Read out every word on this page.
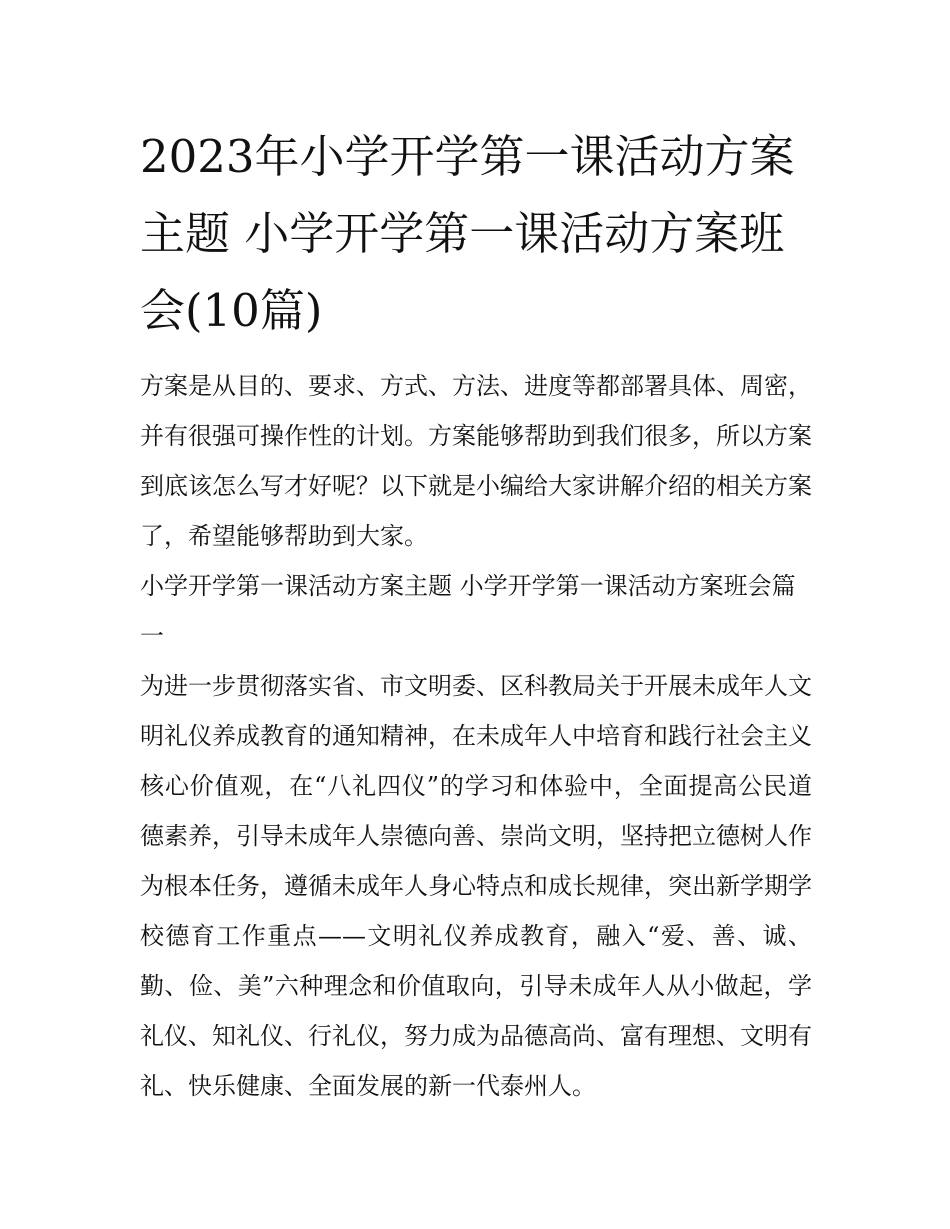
2023年小学开学第一课活动方案主题 小学开学第一课活动方案班会(10篇)

方案是从目的、要求、方式、方法、进度等都部署具体、周密，并有很强可操作性的计划。方案能够帮助到我们很多，所以方案到底该怎么写才好呢？以下就是小编给大家讲解介绍的相关方案了，希望能够帮助到大家。

小学开学第一课活动方案主题 小学开学第一课活动方案班会篇一

为进一步贯彻落实省、市文明委、区科教局关于开展未成年人文明礼仪养成教育的通知精神，在未成年人中培育和践行社会主义核心价值观，在“八礼四仪”的学习和体验中，全面提高公民道德素养，引导未成年人崇德向善、崇尚文明，坚持把立德树人作为根本任务，遵循未成年人身心特点和成长规律，突出新学期学校德育工作重点——文明礼仪养成教育，融入“爱、善、诚、勤、俭、美”六种理念和价值取向，引导未成年人从小做起，学礼仪、知礼仪、行礼仪，努力成为品德高尚、富有理想、文明有礼、快乐健康、全面发展的新一代泰州人。
